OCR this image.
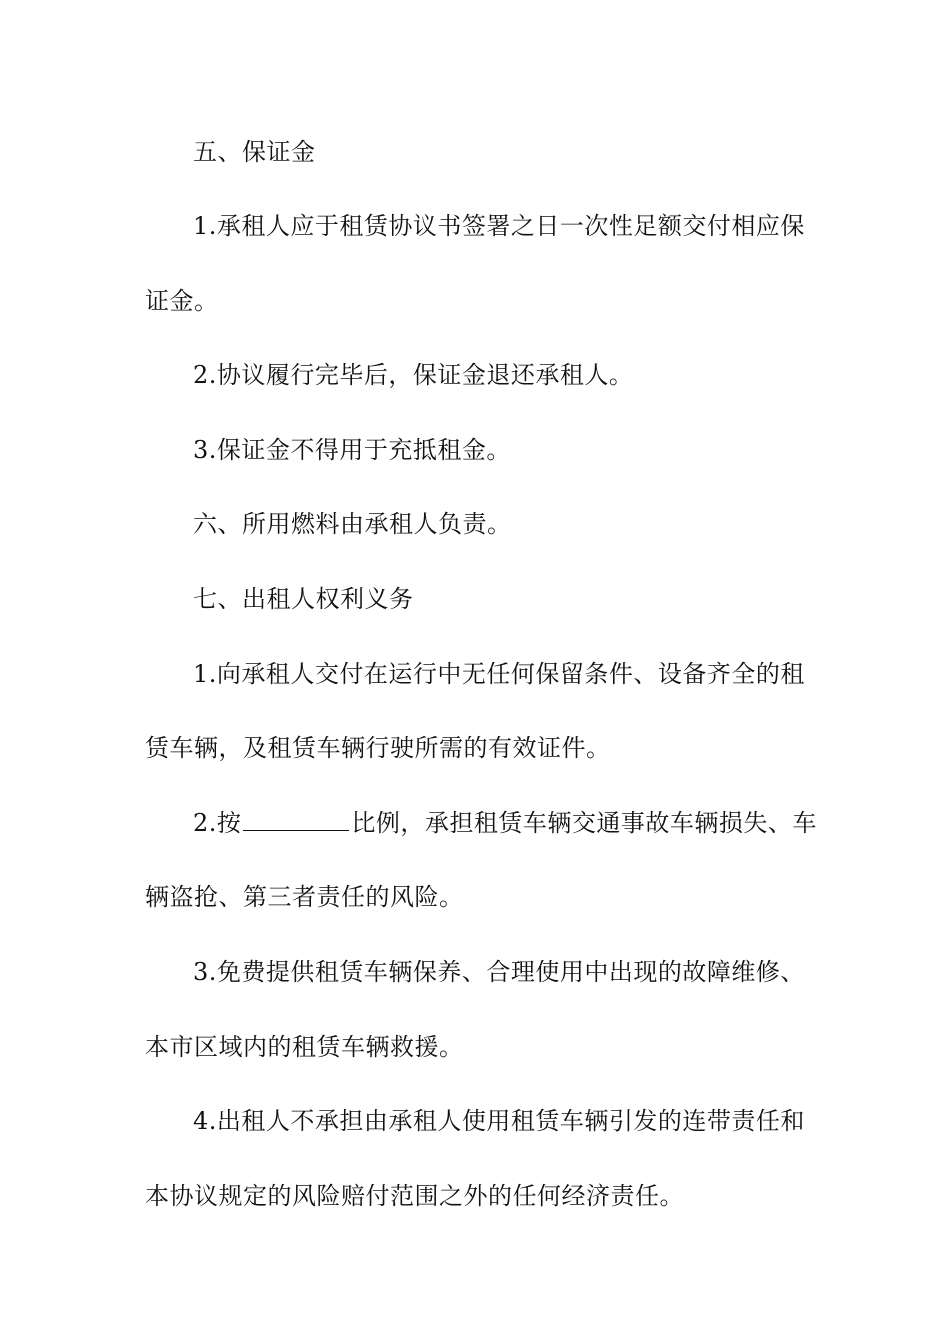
五、保证金
1.承租人应于租赁协议书签署之日一次性足额交付相应保
证金。
2.协议履行完毕后，保证金退还承租人。
3.保证金不得用于充抵租金。
六、所用燃料由承租人负责。
七、出租人权利义务
1.向承租人交付在运行中无任何保留条件、设备齐全的租
赁车辆，及租赁车辆行驶所需的有效证件。
2.按	比例，承担租赁车辆交通事故车辆损失、车
辆盗抢、第三者责任的风险。
3.免费提供租赁车辆保养、合理使用中出现的故障维修、
本市区域内的租赁车辆救援。
4.出租人不承担由承租人使用租赁车辆引发的连带责任和
本协议规定的风险赔付范围之外的任何经济责任。
